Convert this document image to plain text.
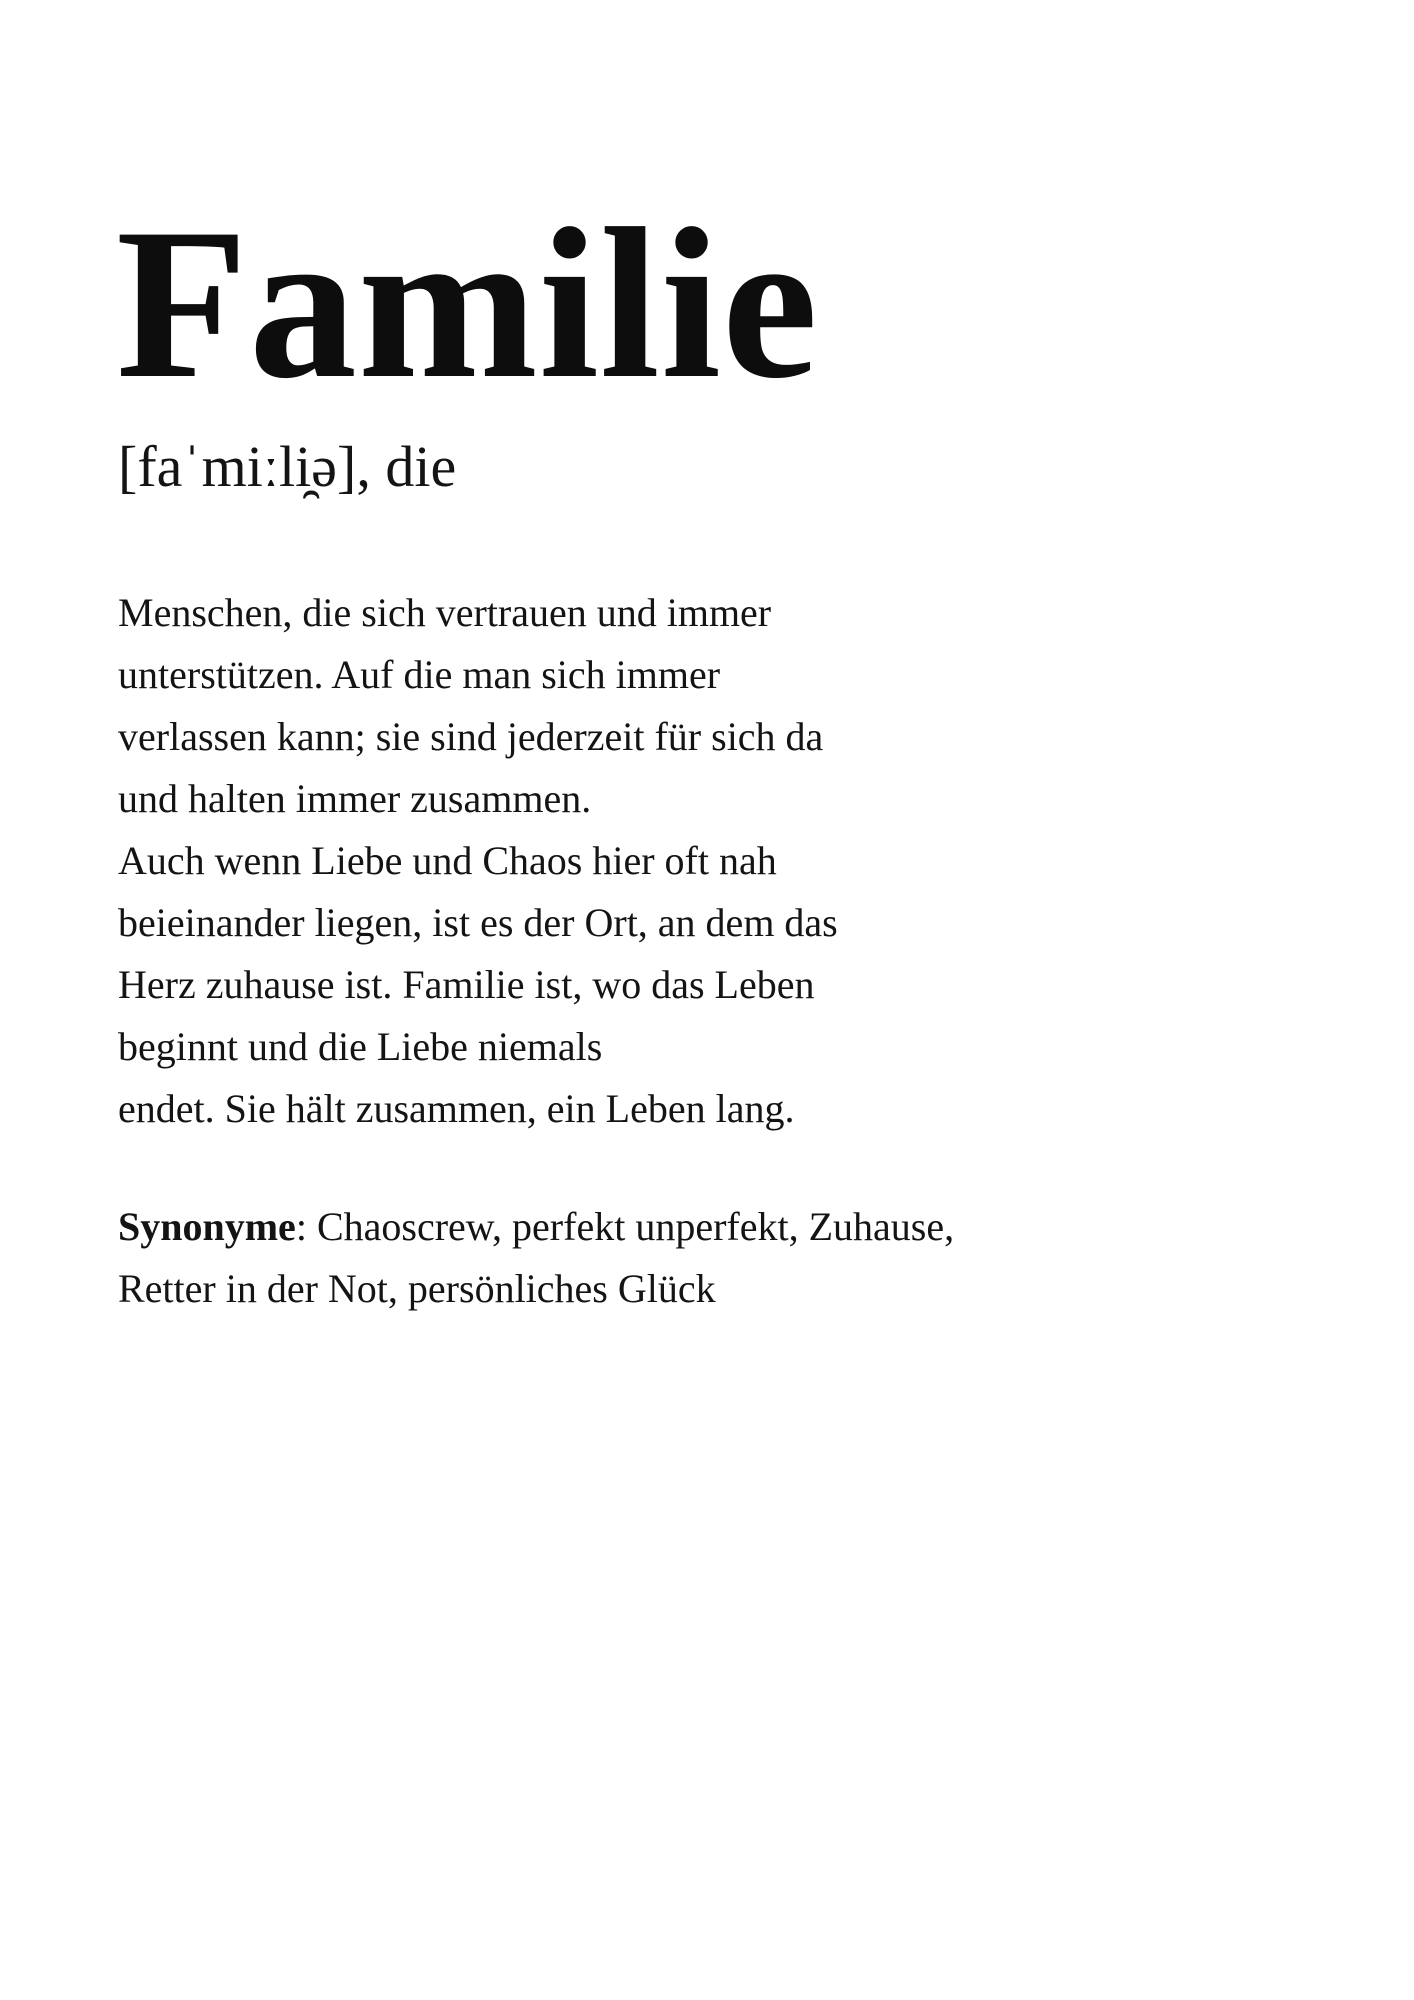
Familie

[faˈmiːli̯ə], die

Menschen, die sich vertrauen und immer
unterstützen. Auf die man sich immer
verlassen kann; sie sind jederzeit für sich da
und halten immer zusammen.
Auch wenn Liebe und Chaos hier oft nah
beieinander liegen, ist es der Ort, an dem das
Herz zuhause ist. Familie ist, wo das Leben
beginnt und die Liebe niemals
endet. Sie hält zusammen, ein Leben lang.

Synonyme: Chaoscrew, perfekt unperfekt, Zuhause, Retter in der Not, persönliches Glück
